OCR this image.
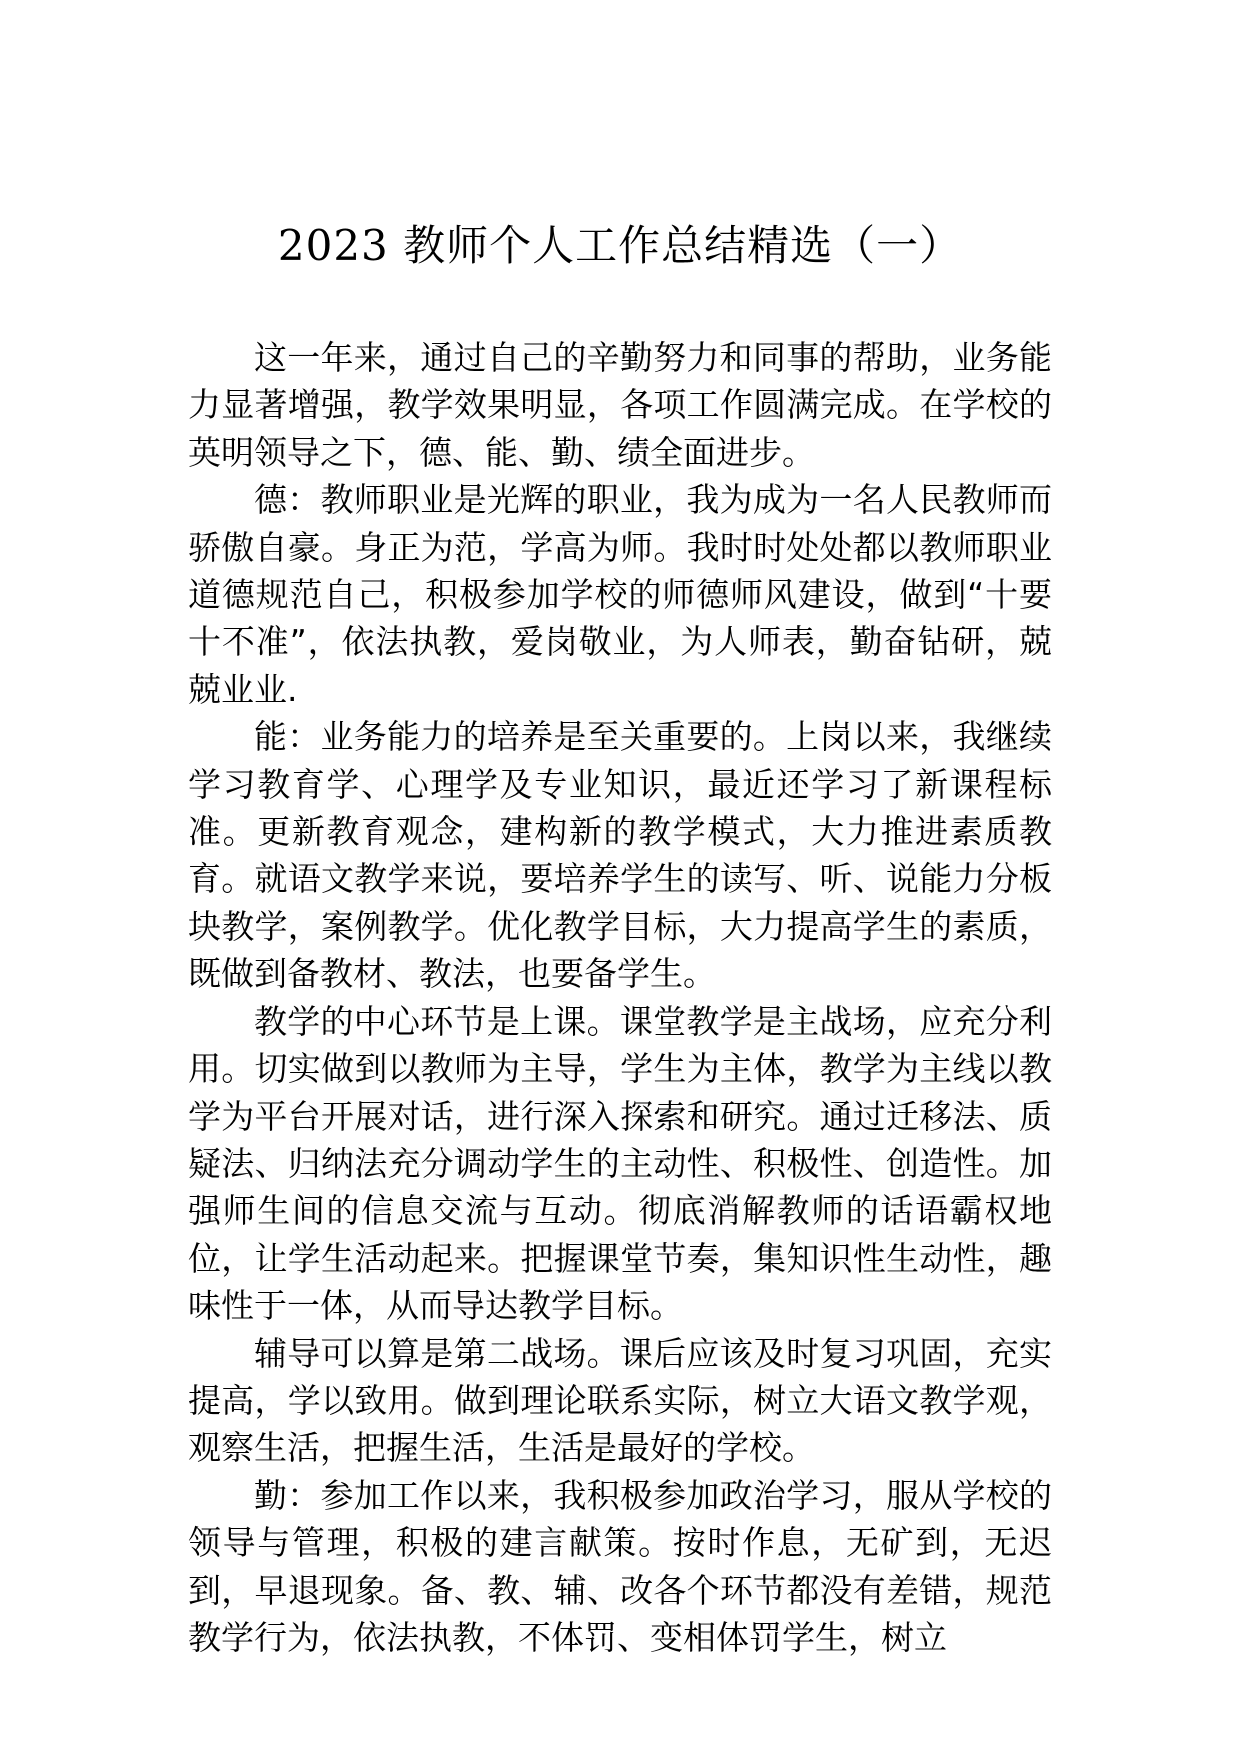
2023 教师个人工作总结精选（一）

这一年来，通过自己的辛勤努力和同事的帮助，业务能力显著增强，教学效果明显，各项工作圆满完成。在学校的英明领导之下，德、能、勤、绩全面进步。

德：教师职业是光辉的职业，我为成为一名人民教师而骄傲自豪。身正为范，学高为师。我时时处处都以教师职业道德规范自己，积极参加学校的师德师风建设，做到“十要十不准”，依法执教，爱岗敬业，为人师表，勤奋钻研，兢兢业业.

能：业务能力的培养是至关重要的。上岗以来，我继续学习教育学、心理学及专业知识，最近还学习了新课程标准。更新教育观念，建构新的教学模式，大力推进素质教育。就语文教学来说，要培养学生的读写、听、说能力分板块教学，案例教学。优化教学目标，大力提高学生的素质，既做到备教材、教法，也要备学生。

教学的中心环节是上课。课堂教学是主战场，应充分利用。切实做到以教师为主导，学生为主体，教学为主线以教学为平台开展对话，进行深入探索和研究。通过迁移法、质疑法、归纳法充分调动学生的主动性、积极性、创造性。加强师生间的信息交流与互动。彻底消解教师的话语霸权地位，让学生活动起来。把握课堂节奏，集知识性生动性，趣味性于一体，从而导达教学目标。

辅导可以算是第二战场。课后应该及时复习巩固，充实提高，学以致用。做到理论联系实际，树立大语文教学观，观察生活，把握生活，生活是最好的学校。

勤：参加工作以来，我积极参加政治学习，服从学校的领导与管理，积极的建言献策。按时作息，无矿到，无迟到，早退现象。备、教、辅、改各个环节都没有差错，规范教学行为，依法执教，不体罚、变相体罚学生，树立
